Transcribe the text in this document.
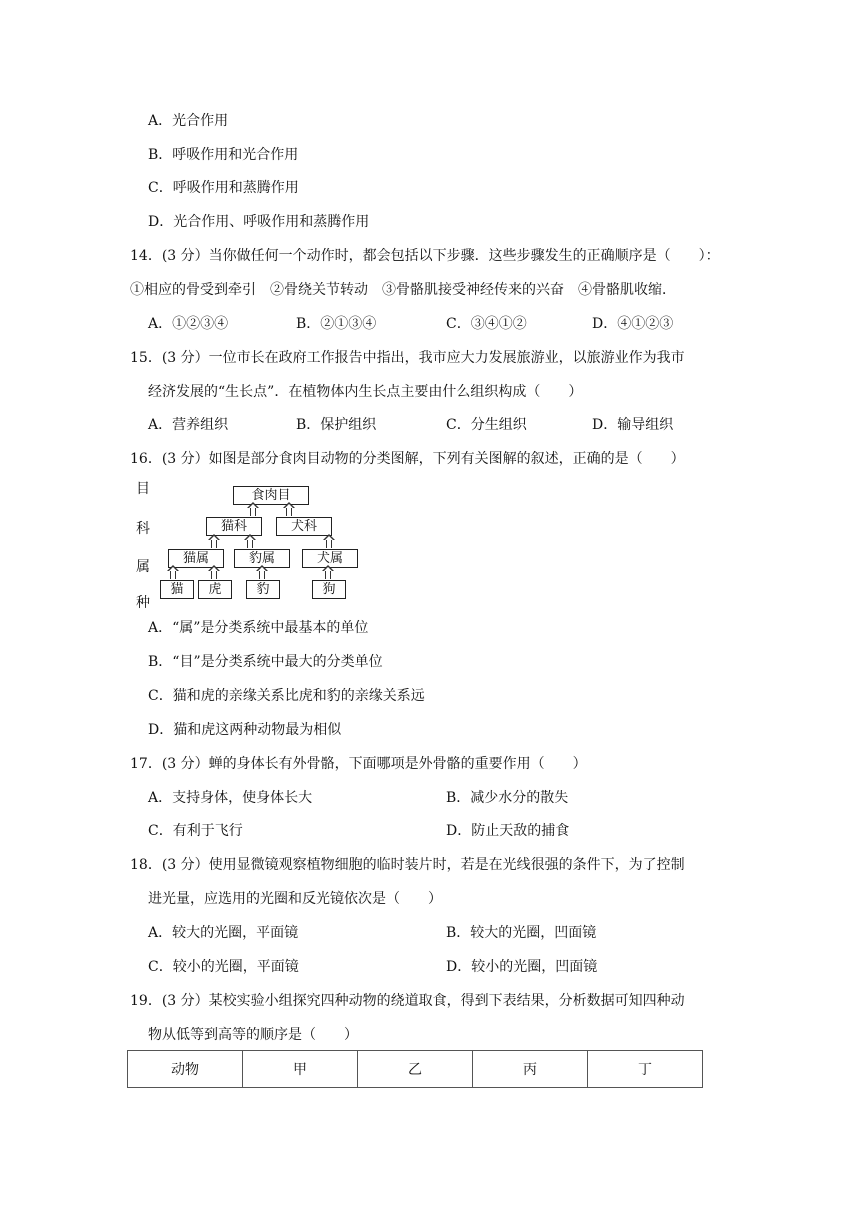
A．光合作用
B．呼吸作用和光合作用
C．呼吸作用和蒸腾作用
D．光合作用、呼吸作用和蒸腾作用
14．(3 分）当你做任何一个动作时，都会包括以下步骤．这些步骤发生的正确顺序是（　　）：
①相应的骨受到牵引　②骨绕关节转动　③骨骼肌接受神经传来的兴奋　④骨骼肌收缩．
A．①②③④	B．②①③④	C．③④①②	D．④①②③
15．(3 分）一位市长在政府工作报告中指出，我市应大力发展旅游业，以旅游业作为我市
经济发展的“生长点”．在植物体内生长点主要由什么组织构成（　　）
A．营养组织	B．保护组织	C．分生组织	D．输导组织
16．(3 分）如图是部分食肉目动物的分类图解，下列有关图解的叙述，正确的是（　　）
目
科
属
种
食肉目
猫科	犬科
猫属	豹属	犬属
猫	虎	豹	狗
A．“属”是分类系统中最基本的单位
B．“目”是分类系统中最大的分类单位
C．猫和虎的亲缘关系比虎和豹的亲缘关系远
D．猫和虎这两种动物最为相似
17．(3 分）蝉的身体长有外骨骼，下面哪项是外骨骼的重要作用（　　）
A．支持身体，使身体长大	B．减少水分的散失
C．有利于飞行	D．防止天敌的捕食
18．(3 分）使用显微镜观察植物细胞的临时装片时，若是在光线很强的条件下，为了控制
进光量，应选用的光圈和反光镜依次是（　　）
A．较大的光圈，平面镜	B．较大的光圈，凹面镜
C．较小的光圈，平面镜	D．较小的光圈，凹面镜
19．(3 分）某校实验小组探究四种动物的绕道取食，得到下表结果，分析数据可知四种动
物从低等到高等的顺序是（　　）
动物	甲	乙	丙	丁
